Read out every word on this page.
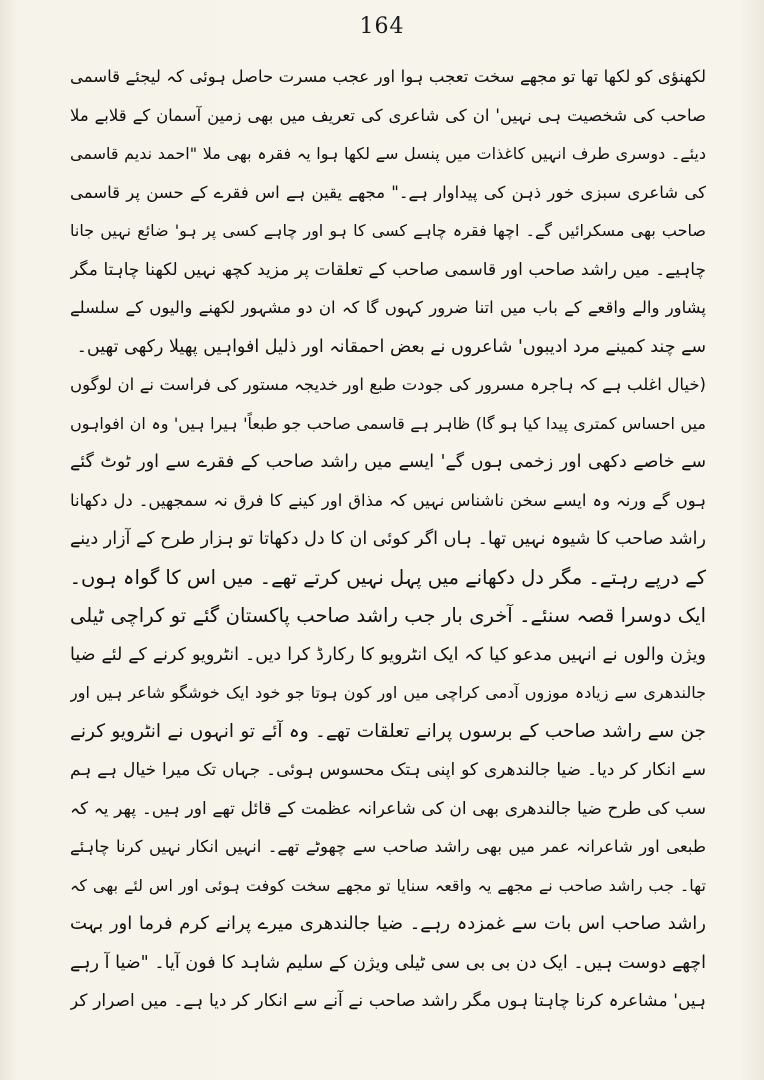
164
لکھنؤی کو لکھا تھا تو مجھے سخت تعجب ہوا اور عجب مسرت حاصل ہوئی کہ لیجئے قاسمی
صاحب کی شخصیت ہی نہیں' ان کی شاعری کی تعریف میں بھی زمین آسمان کے قلابے ملا
دیئے۔ دوسری طرف انہیں کاغذات میں پنسل سے لکھا ہوا یہ فقرہ بھی ملا "احمد ندیم قاسمی
کی شاعری سبزی خور ذہن کی پیداوار ہے۔" مجھے یقین ہے اس فقرے کے حسن پر قاسمی
صاحب بھی مسکرائیں گے۔ اچھا فقرہ چاہے کسی کا ہو اور چاہے کسی پر ہو' ضائع نہیں جانا
چاہیے۔ میں راشد صاحب اور قاسمی صاحب کے تعلقات پر مزید کچھ نہیں لکھنا چاہتا مگر
پشاور والے واقعے کے باب میں اتنا ضرور کہوں گا کہ ان دو مشہور لکھنے والیوں کے سلسلے
سے چند کمینے مرد ادیبوں' شاعروں نے بعض احمقانہ اور ذلیل افواہیں پھیلا رکھی تھیں۔
(خیال اغلب ہے کہ ہاجرہ مسرور کی جودت طبع اور خدیجہ مستور کی فراست نے ان لوگوں
میں احساس کمتری پیدا کیا ہو گا) ظاہر ہے قاسمی صاحب جو طبعاً' ہیرا ہیں' وہ ان افواہوں
سے خاصے دکھی اور زخمی ہوں گے' ایسے میں راشد صاحب کے فقرے سے اور ٹوٹ گئے
ہوں گے ورنہ وہ ایسے سخن ناشناس نہیں کہ مذاق اور کینے کا فرق نہ سمجھیں۔ دل دکھانا
راشد صاحب کا شیوہ نہیں تھا۔ ہاں اگر کوئی ان کا دل دکھاتا تو ہزار طرح کے آزار دینے
کے درپے رہتے۔ مگر دل دکھانے میں پہل نہیں کرتے تھے۔ میں اس کا گواہ ہوں۔
ایک دوسرا قصہ سنئے۔ آخری بار جب راشد صاحب پاکستان گئے تو کراچی ٹیلی
ویژن والوں نے انہیں مدعو کیا کہ ایک انٹرویو کا رکارڈ کرا دیں۔ انٹرویو کرنے کے لئے ضیا
جالندھری سے زیادہ موزوں آدمی کراچی میں اور کون ہوتا جو خود ایک خوشگو شاعر ہیں اور
جن سے راشد صاحب کے برسوں پرانے تعلقات تھے۔ وہ آئے تو انہوں نے انٹرویو کرنے
سے انکار کر دیا۔ ضیا جالندھری کو اپنی ہتک محسوس ہوئی۔ جہاں تک میرا خیال ہے ہم
سب کی طرح ضیا جالندھری بھی ان کی شاعرانہ عظمت کے قائل تھے اور ہیں۔ پھر یہ کہ
طبعی اور شاعرانہ عمر میں بھی راشد صاحب سے چھوٹے تھے۔ انہیں انکار نہیں کرنا چاہئے
تھا۔ جب راشد صاحب نے مجھے یہ واقعہ سنایا تو مجھے سخت کوفت ہوئی اور اس لئے بھی کہ
راشد صاحب اس بات سے غمزدہ رہے۔ ضیا جالندھری میرے پرانے کرم فرما اور بہت
اچھے دوست ہیں۔ ایک دن بی بی سی ٹیلی ویژن کے سلیم شاہد کا فون آیا۔ "ضیا آ رہے
ہیں' مشاعرہ کرنا چاہتا ہوں مگر راشد صاحب نے آنے سے انکار کر دیا ہے۔ میں اصرار کر
